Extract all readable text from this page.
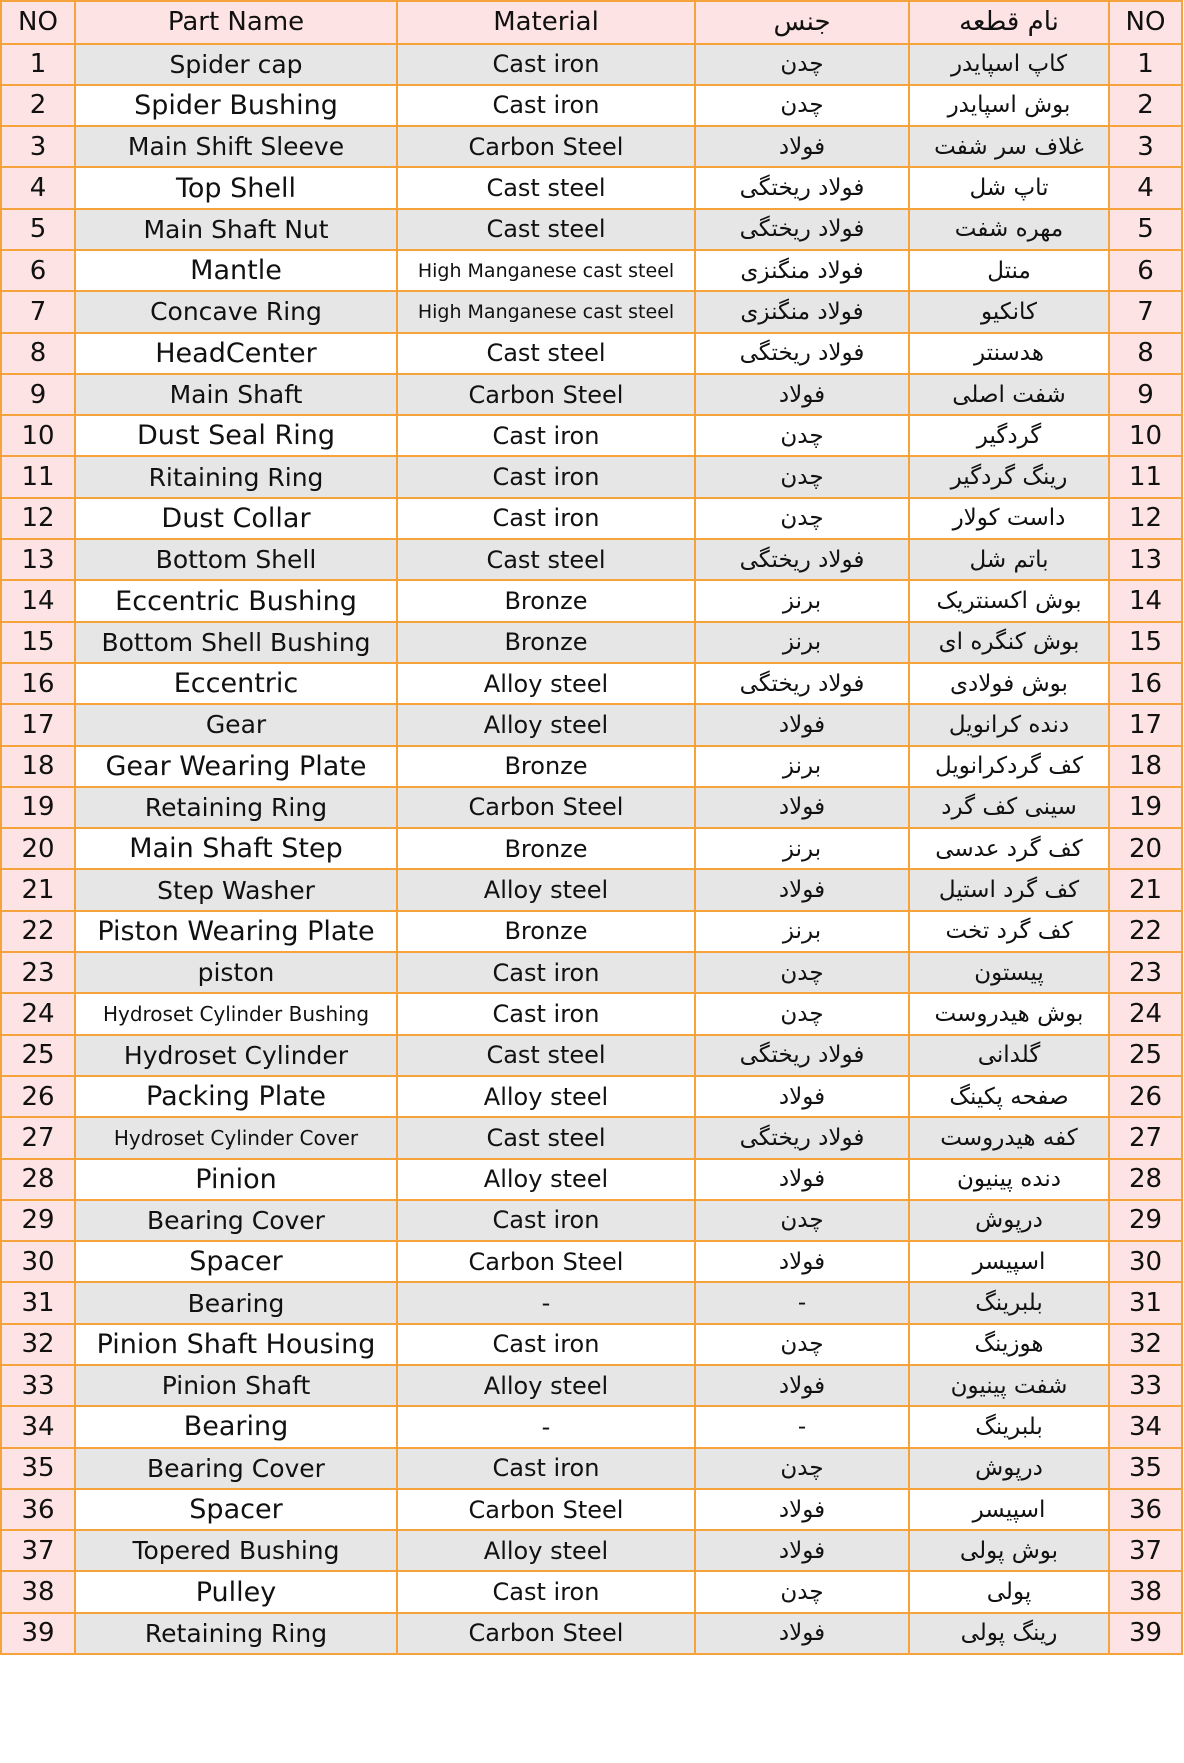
NO	Part Name	Material	جنس	نام قطعه	NO
1	Spider cap	Cast iron	چدن	کاپ اسپایدر	1
2	Spider Bushing	Cast iron	چدن	بوش اسپایدر	2
3	Main Shift Sleeve	Carbon Steel	فولاد	غلاف سر شفت	3
4	Top Shell	Cast steel	فولاد ریختگی	تاپ شل	4
5	Main Shaft Nut	Cast steel	فولاد ریختگی	مهره شفت	5
6	Mantle	High Manganese cast steel	فولاد منگنزی	منتل	6
7	Concave Ring	High Manganese cast steel	فولاد منگنزی	کانکیو	7
8	HeadCenter	Cast steel	فولاد ریختگی	هدسنتر	8
9	Main Shaft	Carbon Steel	فولاد	شفت اصلی	9
10	Dust Seal Ring	Cast iron	چدن	گردگیر	10
11	Ritaining Ring	Cast iron	چدن	رینگ گردگیر	11
12	Dust Collar	Cast iron	چدن	داست کولار	12
13	Bottom Shell	Cast steel	فولاد ریختگی	باتم شل	13
14	Eccentric Bushing	Bronze	برنز	بوش اکسنتریک	14
15	Bottom Shell Bushing	Bronze	برنز	بوش کنگره ای	15
16	Eccentric	Alloy steel	فولاد ریختگی	بوش فولادی	16
17	Gear	Alloy steel	فولاد	دنده کرانویل	17
18	Gear Wearing Plate	Bronze	برنز	کف گردکرانویل	18
19	Retaining Ring	Carbon Steel	فولاد	سینی کف گرد	19
20	Main Shaft Step	Bronze	برنز	کف گرد عدسی	20
21	Step Washer	Alloy steel	فولاد	کف گرد استیل	21
22	Piston Wearing Plate	Bronze	برنز	کف گرد تخت	22
23	piston	Cast iron	چدن	پیستون	23
24	Hydroset Cylinder Bushing	Cast iron	چدن	بوش هیدروست	24
25	Hydroset Cylinder	Cast steel	فولاد ریختگی	گلدانی	25
26	Packing Plate	Alloy steel	فولاد	صفحه پکینگ	26
27	Hydroset Cylinder Cover	Cast steel	فولاد ریختگی	کفه هیدروست	27
28	Pinion	Alloy steel	فولاد	دنده پینیون	28
29	Bearing Cover	Cast iron	چدن	درپوش	29
30	Spacer	Carbon Steel	فولاد	اسپیسر	30
31	Bearing	-	-	بلبرینگ	31
32	Pinion Shaft Housing	Cast iron	چدن	هوزینگ	32
33	Pinion Shaft	Alloy steel	فولاد	شفت پینیون	33
34	Bearing	-	-	بلبرینگ	34
35	Bearing Cover	Cast iron	چدن	درپوش	35
36	Spacer	Carbon Steel	فولاد	اسپیسر	36
37	Topered Bushing	Alloy steel	فولاد	بوش پولی	37
38	Pulley	Cast iron	چدن	پولی	38
39	Retaining Ring	Carbon Steel	فولاد	رینگ پولی	39
